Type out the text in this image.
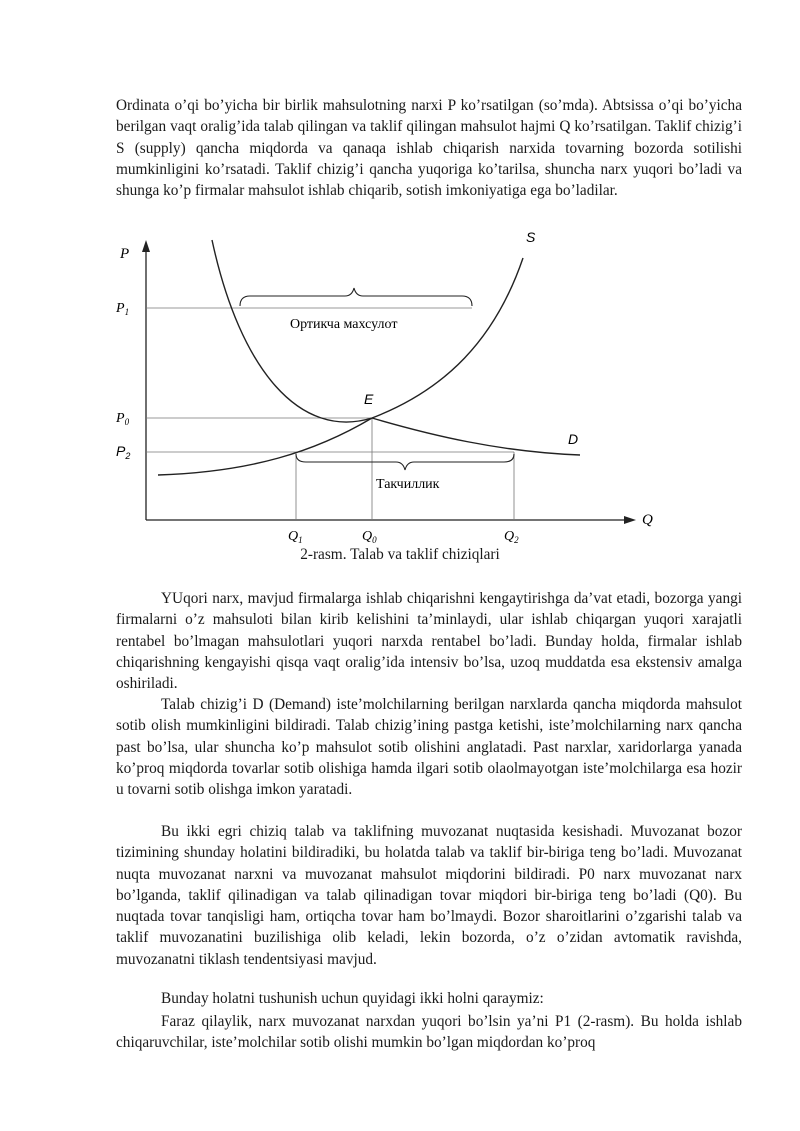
Ordinata o’qi bo’yicha bir birlik mahsulotning narxi P ko’rsatilgan (so’mda). Abtsissa o’qi bo’yicha berilgan vaqt oralig’ida talab qilingan va taklif qilingan mahsulot hajmi Q ko’rsatilgan. Taklif chizig’i S (supply) qancha miqdorda va qanaqa ishlab chiqarish narxida tovarning bozorda sotilishi mumkinligini ko’rsatadi. Taklif chizig’i qancha yuqoriga ko’tarilsa, shuncha narx yuqori bo’ladi va shunga ko’p firmalar mahsulot ishlab chiqarib, sotish imkoniyatiga ega bo’ladilar.

P
Q
$P_1$
$P_0$
$P_2$
$Q_1$	$Q_0$	$Q_2$
S
D
E
Ортикча махсулот
Такчиллик
2-rasm. Talab va taklif chiziqlari

YUqori narx, mavjud firmalarga ishlab chiqarishni kengaytirishga da’vat etadi, bozorga yangi firmalarni o’z mahsuloti bilan kirib kelishini ta’minlaydi, ular ishlab chiqargan yuqori xarajatli rentabel bo’lmagan mahsulotlari yuqori narxda rentabel bo’ladi. Bunday holda, firmalar ishlab chiqarishning kengayishi qisqa vaqt oralig’ida intensiv bo’lsa, uzoq muddatda esa ekstensiv amalga oshiriladi.

Talab chizig’i D (Demand) iste’molchilarning berilgan narxlarda qancha miqdorda mahsulot sotib olish mumkinligini bildiradi. Talab chizig’ining pastga ketishi, iste’molchilarning narx qancha past bo’lsa, ular shuncha ko’p mahsulot sotib olishini anglatadi. Past narxlar, xaridorlarga yanada ko’proq miqdorda tovarlar sotib olishiga hamda ilgari sotib olaolmayotgan iste’molchilarga esa hozir u tovarni sotib olishga imkon yaratadi.

Bu ikki egri chiziq talab va taklifning muvozanat nuqtasida kesishadi. Muvozanat bozor tizimining shunday holatini bildiradiki, bu holatda talab va taklif bir-biriga teng bo’ladi. Muvozanat nuqta muvozanat narxni va muvozanat mahsulot miqdorini bildiradi. P0 narx muvozanat narx bo’lganda, taklif qilinadigan va talab qilinadigan tovar miqdori bir-biriga teng bo’ladi (Q0). Bu nuqtada tovar tanqisligi ham, ortiqcha tovar ham bo’lmaydi. Bozor sharoitlarini o’zgarishi talab va taklif muvozanatini buzilishiga olib keladi, lekin bozorda, o’z o’zidan avtomatik ravishda, muvozanatni tiklash tendentsiyasi mavjud.

Bunday holatni tushunish uchun quyidagi ikki holni qaraymiz:

Faraz qilaylik, narx muvozanat narxdan yuqori bo’lsin ya’ni P1 (2-rasm). Bu holda ishlab chiqaruvchilar, iste’molchilar sotib olishi mumkin bo’lgan miqdordan ko’proq
